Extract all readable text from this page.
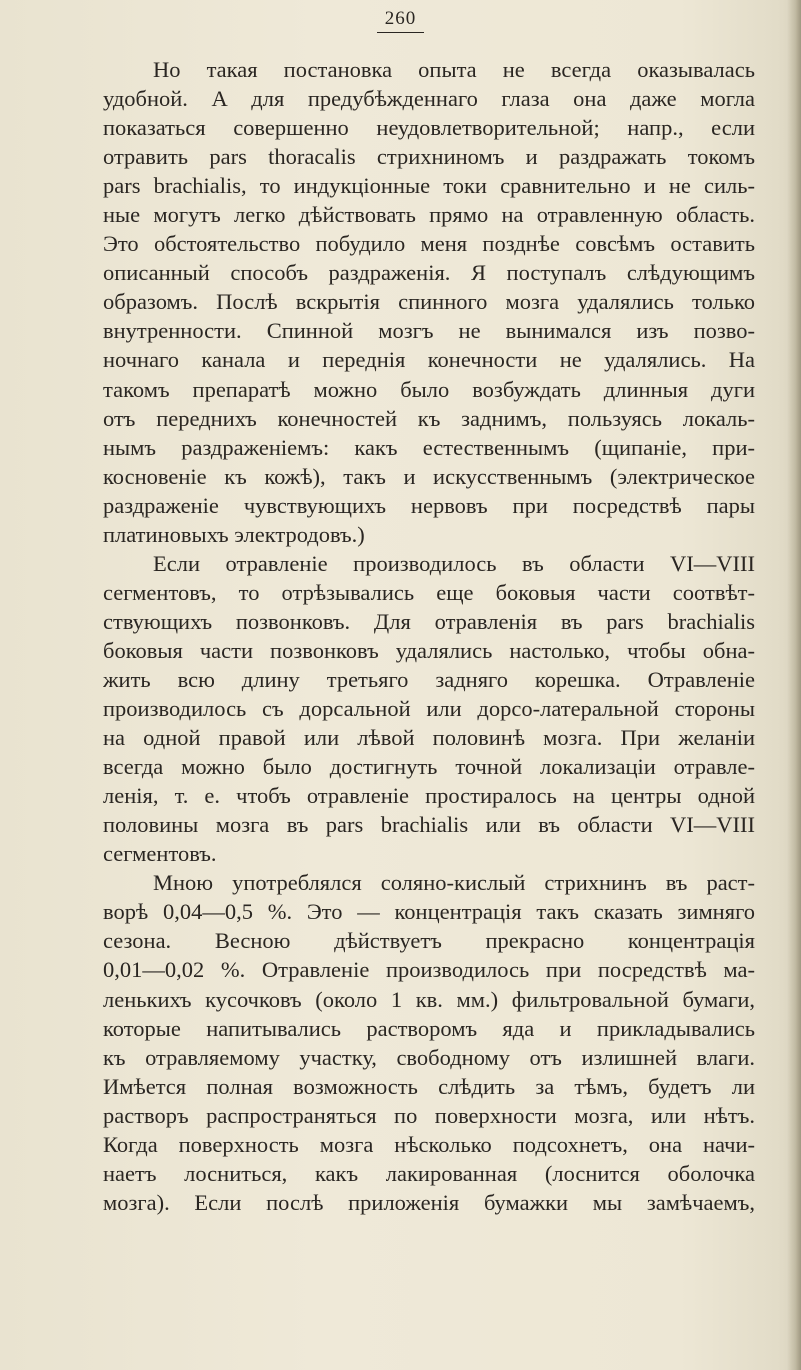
260
Но такая постановка опыта не всегда оказывалась
удобной. А для предубѣжденнаго глаза она даже могла
показаться совершенно неудовлетворительной; напр., если
отравить pars thoracalis стрихниномъ и раздражать токомъ
pars brachialis, то индукціонные токи сравнительно и не силь-
ные могутъ легко дѣйствовать прямо на отравленную область.
Это обстоятельство побудило меня позднѣе совсѣмъ оставить
описанный способъ раздраженія. Я поступалъ слѣдующимъ
образомъ. Послѣ вскрытія спинного мозга удалялись только
внутренности. Спинной мозгъ не вынимался изъ позво-
ночнаго канала и переднія конечности не удалялись. На
такомъ препаратѣ можно было возбуждать длинныя дуги
отъ переднихъ конечностей къ заднимъ, пользуясь локаль-
нымъ раздраженіемъ: какъ естественнымъ (щипаніе, при-
косновеніе къ кожѣ), такъ и искусственнымъ (электрическое
раздраженіе чувствующихъ нервовъ при посредствѣ пары
платиновыхъ электродовъ.)
Если отравленіе производилось въ области VI—VIII
сегментовъ, то отрѣзывались еще боковыя части соотвѣт-
ствующихъ позвонковъ. Для отравленія въ pars brachialis
боковыя части позвонковъ удалялись настолько, чтобы обна-
жить всю длину третьяго задняго корешка. Отравленіе
производилось съ дорсальной или дорсо-латеральной стороны
на одной правой или лѣвой половинѣ мозга. При желаніи
всегда можно было достигнуть точной локализаціи отравле-
ленія, т. е. чтобъ отравленіе простиралось на центры одной
половины мозга въ pars brachialis или въ области VI—VIII
сегментовъ.
Мною употреблялся соляно-кислый стрихнинъ въ раст-
ворѣ 0,04—0,5 %. Это — концентрація такъ сказать зимняго
сезона. Весною дѣйствуетъ прекрасно концентрація
0,01—0,02 %. Отравленіе производилось при посредствѣ ма-
ленькихъ кусочковъ (около 1 кв. мм.) фильтровальной бумаги,
которые напитывались растворомъ яда и прикладывались
къ отравляемому участку, свободному отъ излишней влаги.
Имѣется полная возможность слѣдить за тѣмъ, будетъ ли
растворъ распространяться по поверхности мозга, или нѣтъ.
Когда поверхность мозга нѣсколько подсохнетъ, она начи-
наетъ лосниться, какъ лакированная (лоснится оболочка
мозга). Если послѣ приложенія бумажки мы замѣчаемъ,
